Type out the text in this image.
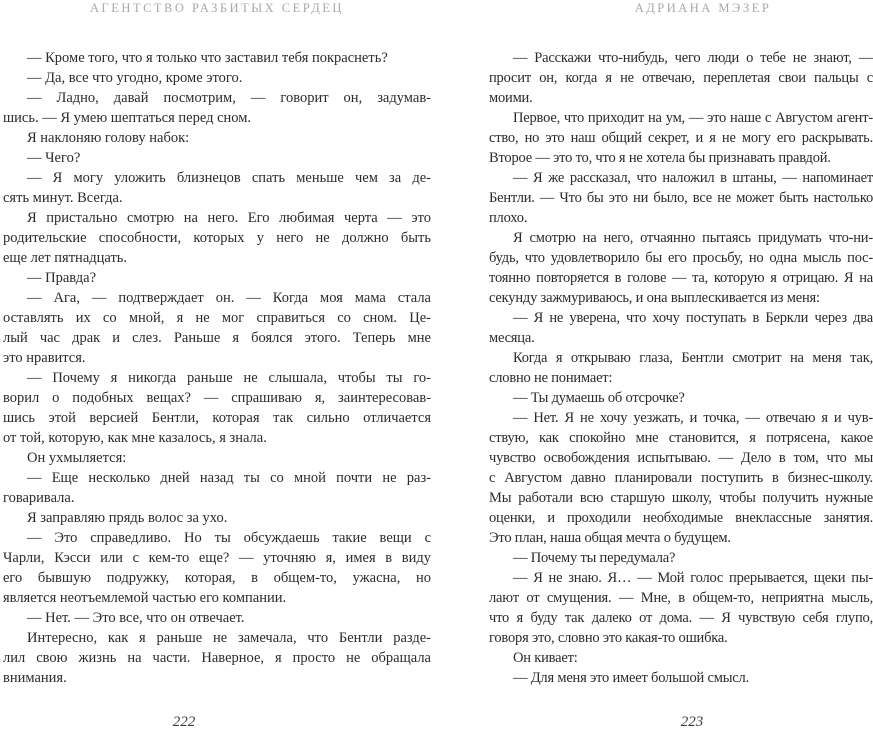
АГЕНТСТВО РАЗБИТЫХ СЕРДЕЦ
— Кроме того, что я только что заставил тебя покраснеть?
— Да, все что угодно, кроме этого.
— Ладно, давай посмотрим, — говорит он, задумав-
шись. — Я умею шептаться перед сном.
Я наклоняю голову набок:
— Чего?
— Я могу уложить близнецов спать меньше чем за де-
сять минут. Всегда.
Я пристально смотрю на него. Его любимая черта — это
родительские способности, которых у него не должно быть
еще лет пятнадцать.
— Правда?
— Ага, — подтверждает он. — Когда моя мама стала
оставлять их со мной, я не мог справиться со сном. Це-
лый час драк и слез. Раньше я боялся этого. Теперь мне
это нравится.
— Почему я никогда раньше не слышала, чтобы ты го-
ворил о подобных вещах? — спрашиваю я, заинтересовав-
шись этой версией Бентли, которая так сильно отличается
от той, которую, как мне казалось, я знала.
Он ухмыляется:
— Еще несколько дней назад ты со мной почти не раз-
говаривала.
Я заправляю прядь волос за ухо.
— Это справедливо. Но ты обсуждаешь такие вещи с
Чарли, Кэсси или с кем-то еще? — уточняю я, имея в виду
его бывшую подружку, которая, в общем-то, ужасна, но
является неотъемлемой частью его компании.
— Нет. — Это все, что он отвечает.
Интересно, как я раньше не замечала, что Бентли разде-
лил свою жизнь на части. Наверное, я просто не обращала
внимания.
222
АДРИАНА МЭЗЕР
— Расскажи что-нибудь, чего люди о тебе не знают, —
просит он, когда я не отвечаю, переплетая свои пальцы с
моими.
Первое, что приходит на ум, — это наше с Августом агент-
ство, но это наш общий секрет, и я не могу его раскрывать.
Второе — это то, что я не хотела бы признавать правдой.
— Я же рассказал, что наложил в штаны, — напоминает
Бентли. — Что бы это ни было, все не может быть настолько
плохо.
Я смотрю на него, отчаянно пытаясь придумать что-ни-
будь, что удовлетворило бы его просьбу, но одна мысль пос-
тоянно повторяется в голове — та, которую я отрицаю. Я на
секунду зажмуриваюсь, и она выплескивается из меня:
— Я не уверена, что хочу поступать в Беркли через два
месяца.
Когда я открываю глаза, Бентли смотрит на меня так,
словно не понимает:
— Ты думаешь об отсрочке?
— Нет. Я не хочу уезжать, и точка, — отвечаю я и чув-
ствую, как спокойно мне становится, я потрясена, какое
чувство освобождения испытываю. — Дело в том, что мы
с Августом давно планировали поступить в бизнес-школу.
Мы работали всю старшую школу, чтобы получить нужные
оценки, и проходили необходимые внеклассные занятия.
Это план, наша общая мечта о будущем.
— Почему ты передумала?
— Я не знаю. Я… — Мой голос прерывается, щеки пы-
лают от смущения. — Мне, в общем-то, неприятна мысль,
что я буду так далеко от дома. — Я чувствую себя глупо,
говоря это, словно это какая-то ошибка.
Он кивает:
— Для меня это имеет большой смысл.
223
